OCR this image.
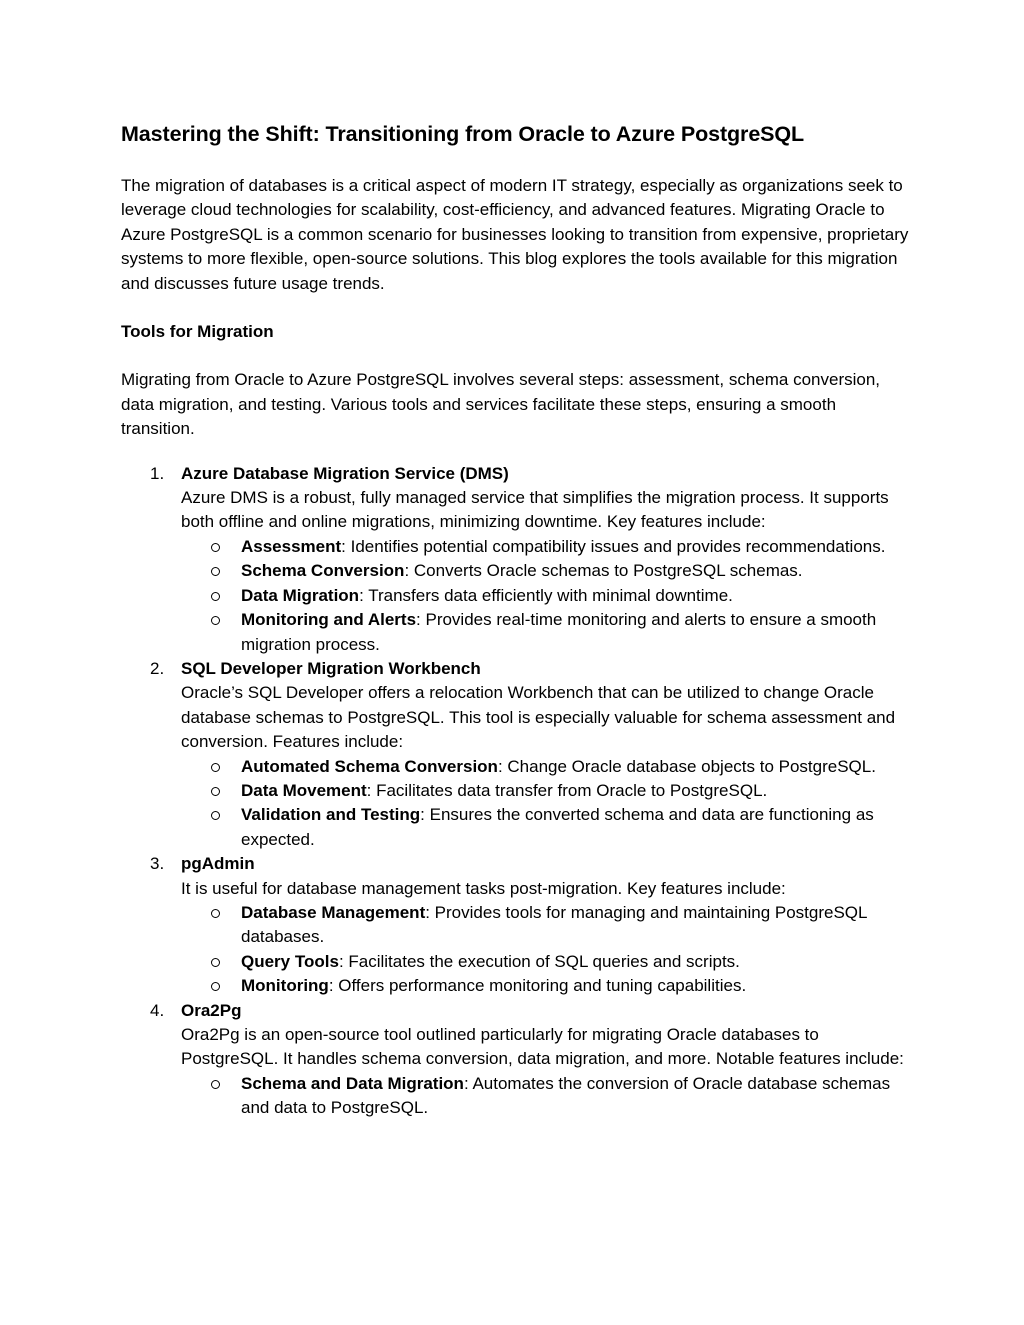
Mastering the Shift: Transitioning from Oracle to Azure PostgreSQL

The migration of databases is a critical aspect of modern IT strategy, especially as organizations seek to leverage cloud technologies for scalability, cost-efficiency, and advanced features. Migrating Oracle to Azure PostgreSQL is a common scenario for businesses looking to transition from expensive, proprietary systems to more flexible, open-source solutions. This blog explores the tools available for this migration and discusses future usage trends.

Tools for Migration

Migrating from Oracle to Azure PostgreSQL involves several steps: assessment, schema conversion, data migration, and testing. Various tools and services facilitate these steps, ensuring a smooth transition.

1. Azure Database Migration Service (DMS)
Azure DMS is a robust, fully managed service that simplifies the migration process. It supports both offline and online migrations, minimizing downtime. Key features include:
Assessment: Identifies potential compatibility issues and provides recommendations.
Schema Conversion: Converts Oracle schemas to PostgreSQL schemas.
Data Migration: Transfers data efficiently with minimal downtime.
Monitoring and Alerts: Provides real-time monitoring and alerts to ensure a smooth migration process.
2. SQL Developer Migration Workbench
Oracle’s SQL Developer offers a relocation Workbench that can be utilized to change Oracle database schemas to PostgreSQL. This tool is especially valuable for schema assessment and conversion. Features include:
Automated Schema Conversion: Change Oracle database objects to PostgreSQL.
Data Movement: Facilitates data transfer from Oracle to PostgreSQL.
Validation and Testing: Ensures the converted schema and data are functioning as expected.
3. pgAdmin
It is useful for database management tasks post-migration. Key features include:
Database Management: Provides tools for managing and maintaining PostgreSQL databases.
Query Tools: Facilitates the execution of SQL queries and scripts.
Monitoring: Offers performance monitoring and tuning capabilities.
4. Ora2Pg
Ora2Pg is an open-source tool outlined particularly for migrating Oracle databases to PostgreSQL. It handles schema conversion, data migration, and more. Notable features include:
Schema and Data Migration: Automates the conversion of Oracle database schemas and data to PostgreSQL.
